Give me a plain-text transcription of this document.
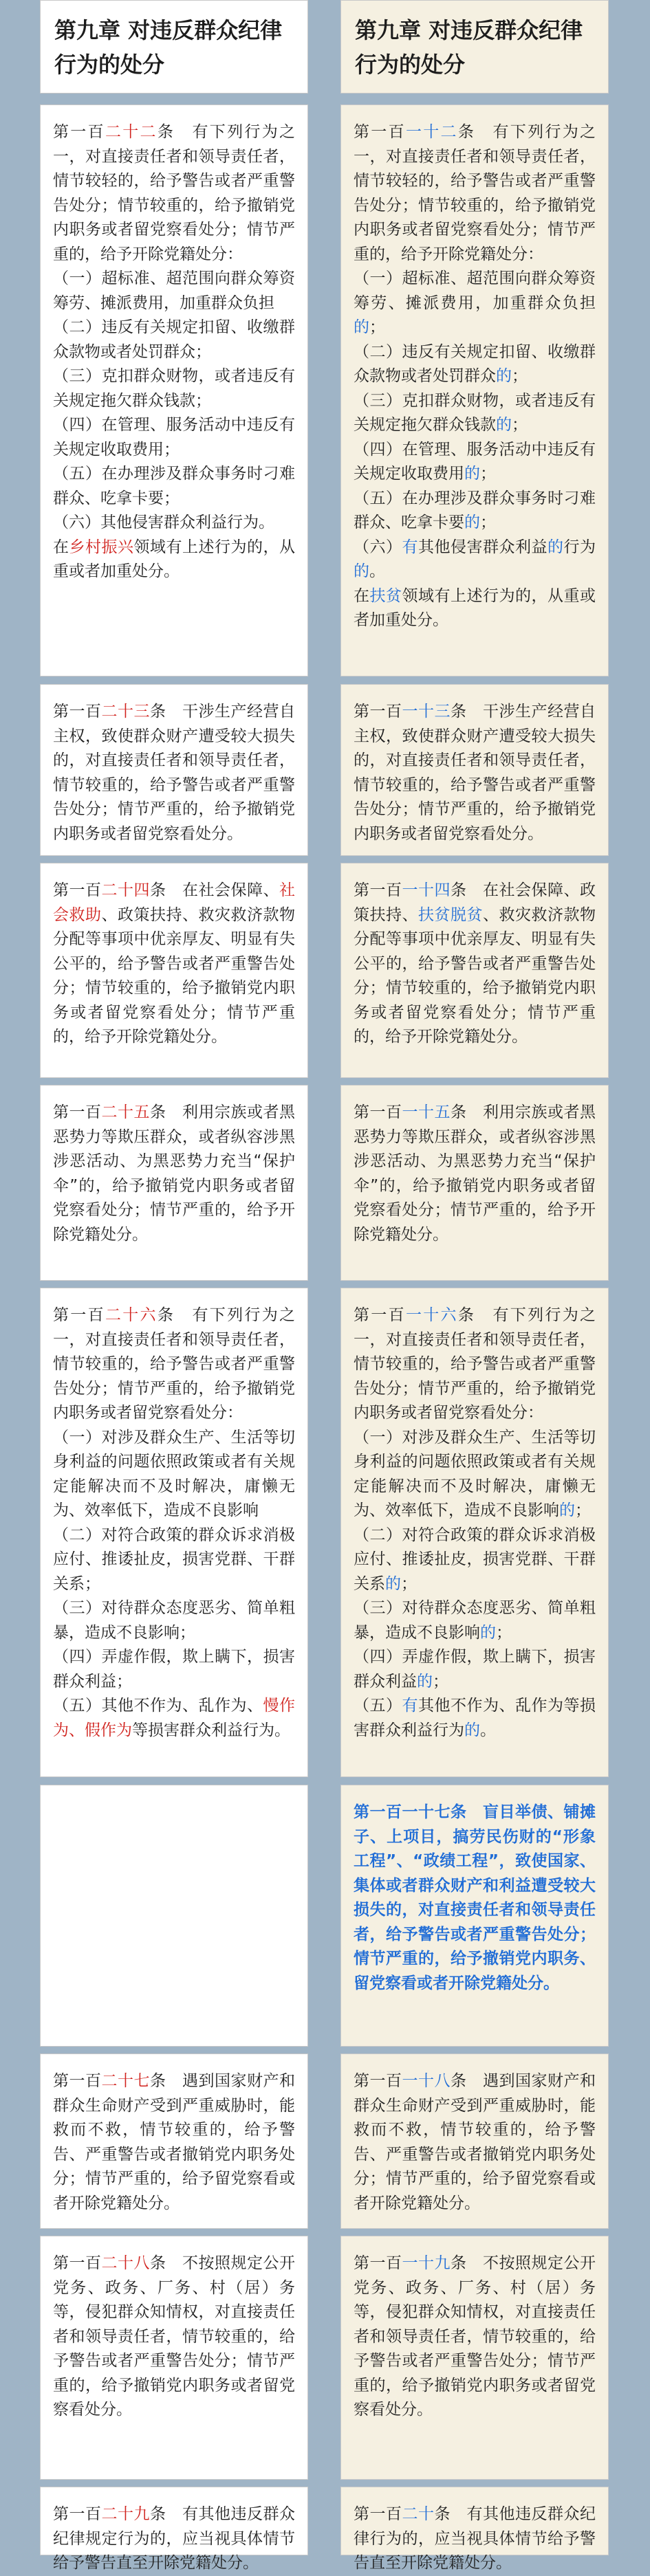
第九章 对违反群众纪律行为的处分

第一百二十二条　有下列行为之一，对直接责任者和领导责任者，情节较轻的，给予警告或者严重警告处分；情节较重的，给予撤销党内职务或者留党察看处分；情节严重的，给予开除党籍处分：

（一）超标准、超范围向群众筹资筹劳、摊派费用，加重群众负担

（二）违反有关规定扣留、收缴群众款物或者处罚群众；

（三）克扣群众财物，或者违反有关规定拖欠群众钱款；

（四）在管理、服务活动中违反有关规定收取费用；

（五）在办理涉及群众事务时刁难群众、吃拿卡要；

（六）其他侵害群众利益行为。

在乡村振兴领域有上述行为的，从重或者加重处分。

第一百二十三条　干涉生产经营自主权，致使群众财产遭受较大损失的，对直接责任者和领导责任者，情节较重的，给予警告或者严重警告处分；情节严重的，给予撤销党内职务或者留党察看处分。

第一百二十四条　在社会保障、社会救助、政策扶持、救灾救济款物分配等事项中优亲厚友、明显有失公平的，给予警告或者严重警告处分；情节较重的，给予撤销党内职务或者留党察看处分；情节严重的，给予开除党籍处分。

第一百二十五条　利用宗族或者黑恶势力等欺压群众，或者纵容涉黑涉恶活动、为黑恶势力充当“保护伞”的，给予撤销党内职务或者留党察看处分；情节严重的，给予开除党籍处分。

第一百二十六条　有下列行为之一，对直接责任者和领导责任者，情节较重的，给予警告或者严重警告处分；情节严重的，给予撤销党内职务或者留党察看处分：

（一）对涉及群众生产、生活等切身利益的问题依照政策或者有关规定能解决而不及时解决，庸懒无为、效率低下，造成不良影响

（二）对符合政策的群众诉求消极应付、推诿扯皮，损害党群、干群关系；

（三）对待群众态度恶劣、简单粗暴，造成不良影响；

（四）弄虚作假，欺上瞒下，损害群众利益；

（五）其他不作为、乱作为、慢作为、假作为等损害群众利益行为。

第一百二十七条　遇到国家财产和群众生命财产受到严重威胁时，能救而不救，情节较重的，给予警告、严重警告或者撤销党内职务处分；情节严重的，给予留党察看或者开除党籍处分。

第一百二十八条　不按照规定公开党务、政务、厂务、村（居）务等，侵犯群众知情权，对直接责任者和领导责任者，情节较重的，给予警告或者严重警告处分；情节严重的，给予撤销党内职务或者留党察看处分。

第一百二十九条　有其他违反群众纪律规定行为的，应当视具体情节给予警告直至开除党籍处分。

第九章 对违反群众纪律行为的处分

第一百一十二条　有下列行为之一，对直接责任者和领导责任者，情节较轻的，给予警告或者严重警告处分；情节较重的，给予撤销党内职务或者留党察看处分；情节严重的，给予开除党籍处分：

（一）超标准、超范围向群众筹资筹劳、摊派费用，加重群众负担的；

（二）违反有关规定扣留、收缴群众款物或者处罚群众的；

（三）克扣群众财物，或者违反有关规定拖欠群众钱款的；

（四）在管理、服务活动中违反有关规定收取费用的；

（五）在办理涉及群众事务时刁难群众、吃拿卡要的；

（六）有其他侵害群众利益的行为的。

在扶贫领域有上述行为的，从重或者加重处分。

第一百一十三条　干涉生产经营自主权，致使群众财产遭受较大损失的，对直接责任者和领导责任者，情节较重的，给予警告或者严重警告处分；情节严重的，给予撤销党内职务或者留党察看处分。

第一百一十四条　在社会保障、政策扶持、扶贫脱贫、救灾救济款物分配等事项中优亲厚友、明显有失公平的，给予警告或者严重警告处分；情节较重的，给予撤销党内职务或者留党察看处分；情节严重的，给予开除党籍处分。

第一百一十五条　利用宗族或者黑恶势力等欺压群众，或者纵容涉黑涉恶活动、为黑恶势力充当“保护伞”的，给予撤销党内职务或者留党察看处分；情节严重的，给予开除党籍处分。

第一百一十六条　有下列行为之一，对直接责任者和领导责任者，情节较重的，给予警告或者严重警告处分；情节严重的，给予撤销党内职务或者留党察看处分：

（一）对涉及群众生产、生活等切身利益的问题依照政策或者有关规定能解决而不及时解决，庸懒无为、效率低下，造成不良影响的；

（二）对符合政策的群众诉求消极应付、推诿扯皮，损害党群、干群关系的；

（三）对待群众态度恶劣、简单粗暴，造成不良影响的；

（四）弄虚作假，欺上瞒下，损害群众利益的；

（五）有其他不作为、乱作为等损害群众利益行为的。

第一百一十七条　盲目举债、铺摊子、上项目，搞劳民伤财的“形象工程”、“政绩工程”，致使国家、集体或者群众财产和利益遭受较大损失的，对直接责任者和领导责任者，给予警告或者严重警告处分；情节严重的，给予撤销党内职务、留党察看或者开除党籍处分。

第一百一十八条　遇到国家财产和群众生命财产受到严重威胁时，能救而不救，情节较重的，给予警告、严重警告或者撤销党内职务处分；情节严重的，给予留党察看或者开除党籍处分。

第一百一十九条　不按照规定公开党务、政务、厂务、村（居）务等，侵犯群众知情权，对直接责任者和领导责任者，情节较重的，给予警告或者严重警告处分；情节严重的，给予撤销党内职务或者留党察看处分。

第一百二十条　有其他违反群众纪律行为的，应当视具体情节给予警告直至开除党籍处分。
